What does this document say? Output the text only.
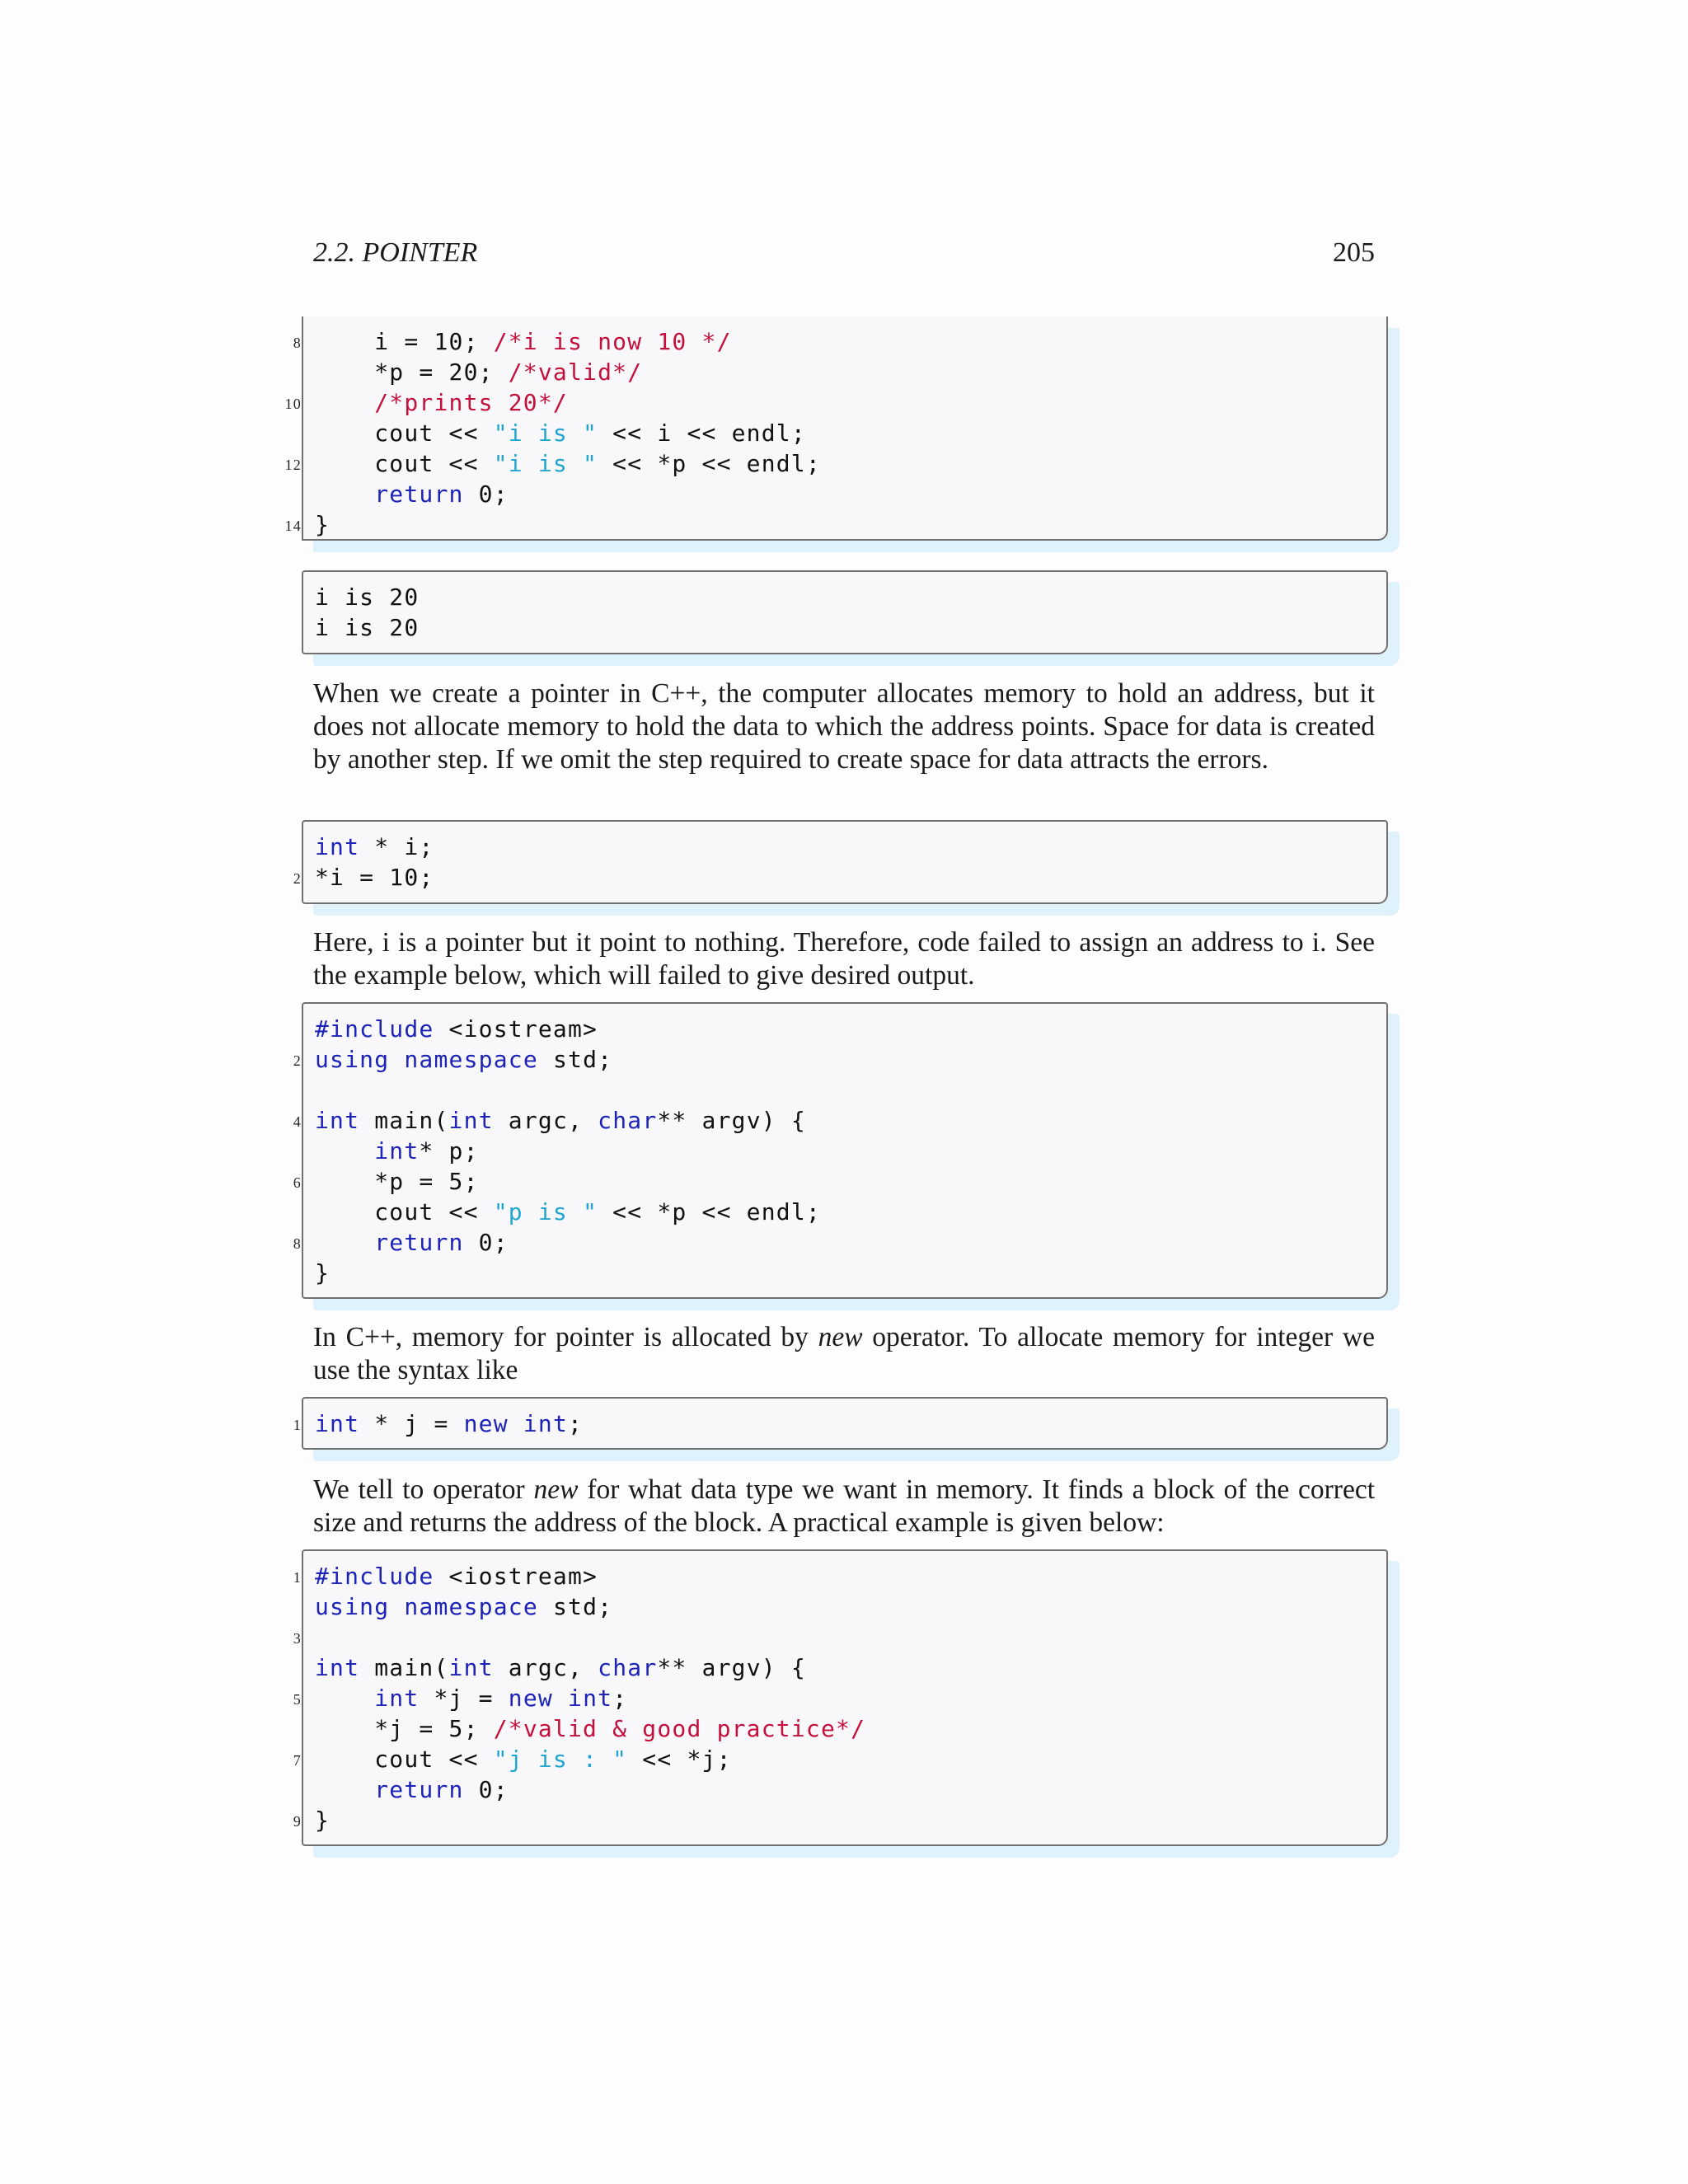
2.2. POINTER	205
8 i = 10; /*i is now 10 */
*p = 20; /*valid*/
10	/*prints 20*/
cout << "i is " << i << endl;
12 cout << "i is " << *p << endl;
return 0;
14 }
i is 20
i is 20
When we create a pointer in C++, the computer allocates memory to hold an address, but it does not allocate memory to hold the data to which the address points. Space for data is created by another step. If we omit the step required to create space for data attracts the errors.
int * i;
2 *i = 10;
Here, i is a pointer but it point to nothing. Therefore, code failed to assign an address to i. See the example below, which will failed to give desired output.
#include <iostream>
2 using namespace std;
4 int main(int argc, char** argv) {
int* p;
6 *p = 5;
cout << "p is " << *p << endl;
8	return 0;
}
In C++, memory for pointer is allocated by new operator. To allocate memory for integer we use the syntax like
1 int * j = new int;
We tell to operator new for what data type we want in memory. It finds a block of the correct size and returns the address of the block. A practical example is given below:
1 #include <iostream>
using namespace std;
3
int main(int argc, char** argv) {
5	int *j = new int;
*j = 5; /*valid & good practice*/
7 cout << "j is : " << *j;
return 0;
9 }
